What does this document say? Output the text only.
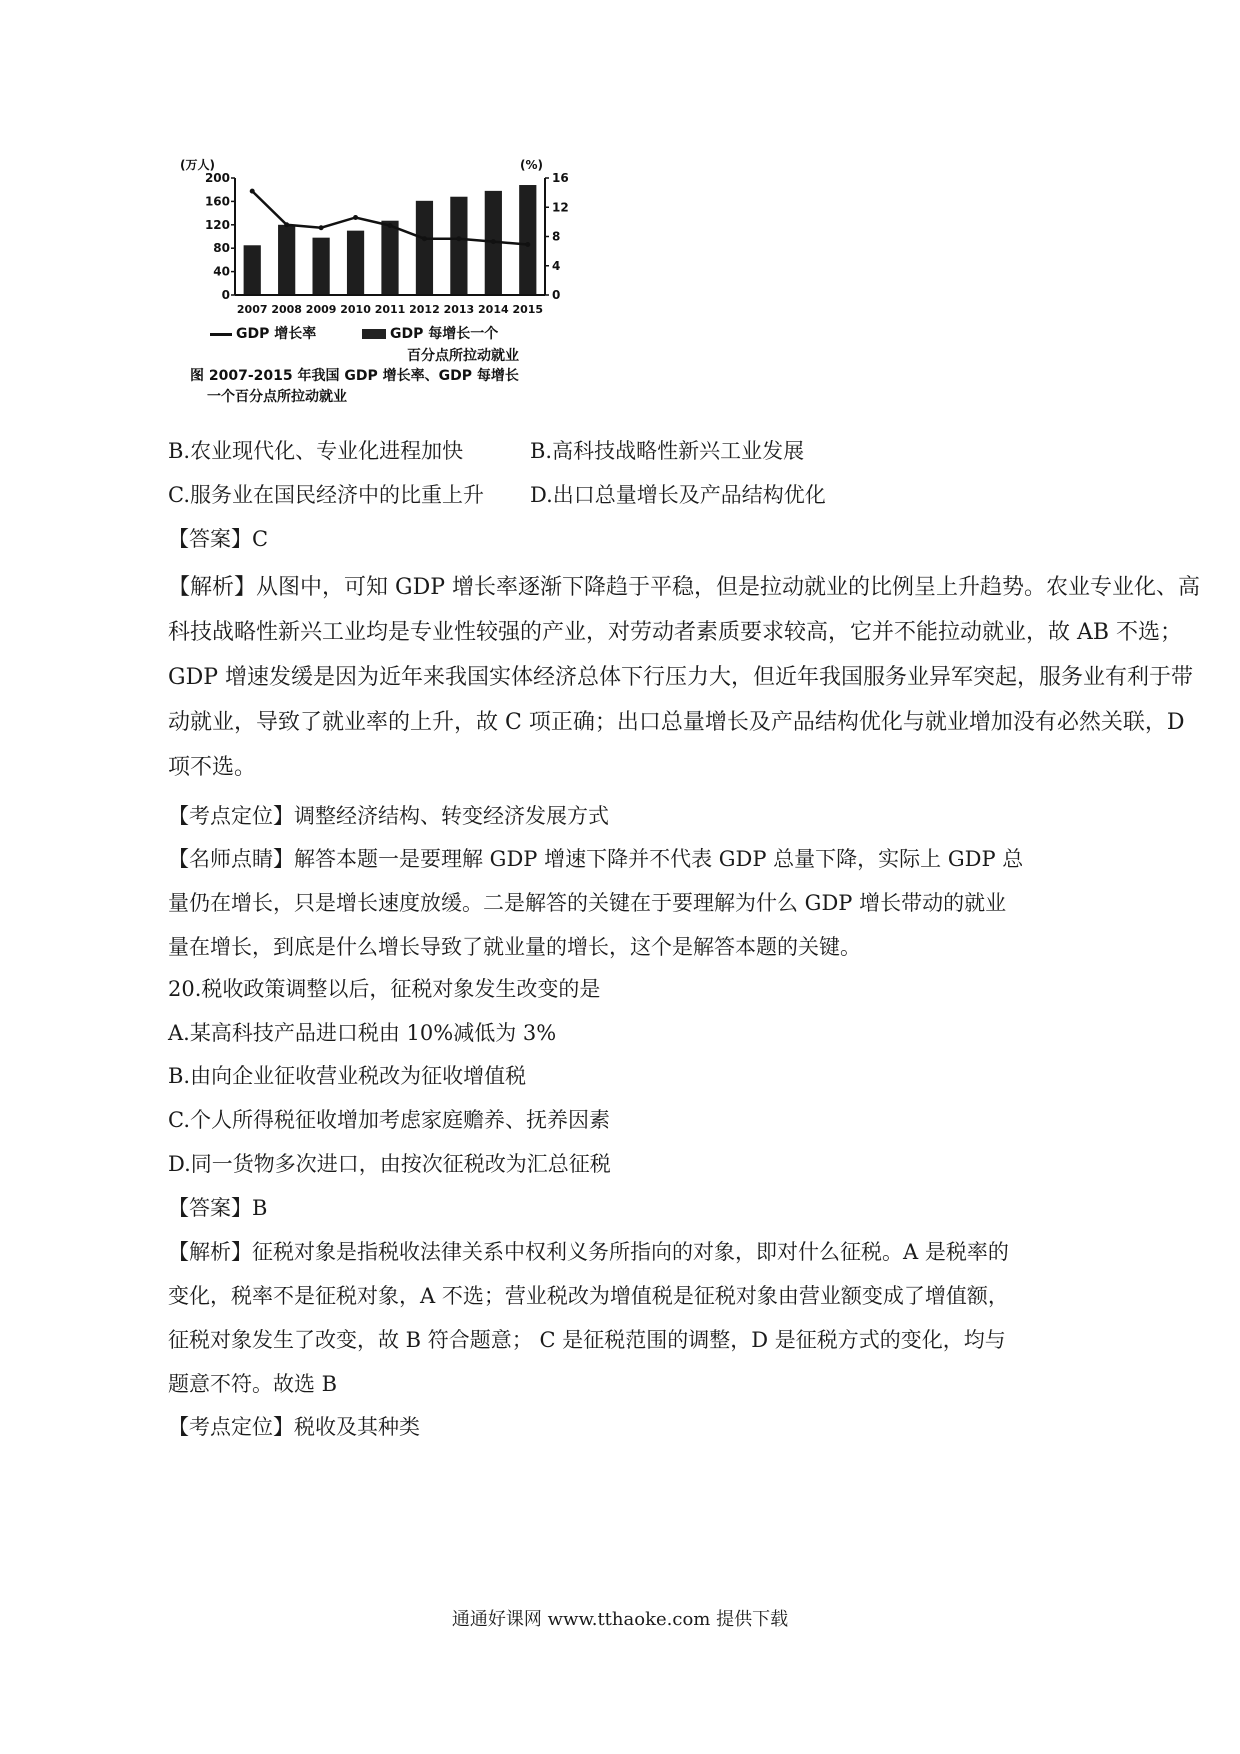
0
40
80
120
160
200
0
4
8
12
16
2007 2008 2009 2010 2011 2012 2013 2014 2015
(万人)	(%)
GDP 增长率	GDP 每增长一个
百分点所拉动就业
图 2007-2015 年我国 GDP 增长率、GDP 每增长
一个百分点所拉动就业
B.农业现代化、专业化进程加快	B.高科技战略性新兴工业发展
C.服务业在国民经济中的比重上升 D.出口总量增长及产品结构优化
【答案】C
【解析】从图中，可知 GDP 增长率逐渐下降趋于平稳，但是拉动就业的比例呈上升趋势。农业专业化、高
科技战略性新兴工业均是专业性较强的产业，对劳动者素质要求较高，它并不能拉动就业，故 AB 不选；
GDP 增速发缓是因为近年来我国实体经济总体下行压力大，但近年我国服务业异军突起，服务业有利于带
动就业，导致了就业率的上升，故 C 项正确；出口总量增长及产品结构优化与就业增加没有必然关联，D
项不选。
【考点定位】调整经济结构、转变经济发展方式
【名师点睛】解答本题一是要理解 GDP 增速下降并不代表 GDP 总量下降，实际上 GDP 总
量仍在增长，只是增长速度放缓。二是解答的关键在于要理解为什么 GDP 增长带动的就业
量在增长，到底是什么增长导致了就业量的增长，这个是解答本题的关键。
20.税收政策调整以后，征税对象发生改变的是
A.某高科技产品进口税由 10%减低为 3%
B.由向企业征收营业税改为征收增值税
C.个人所得税征收增加考虑家庭赡养、抚养因素
D.同一货物多次进口，由按次征税改为汇总征税
【答案】B
【解析】征税对象是指税收法律关系中权利义务所指向的对象，即对什么征税。A 是税率的
变化，税率不是征税对象，A 不选；营业税改为增值税是征税对象由营业额变成了增值额，
征税对象发生了改变，故 B 符合题意； C 是征税范围的调整，D 是征税方式的变化，均与
题意不符。故选 B
【考点定位】税收及其种类
通通好课网 www.tthaoke.com 提供下载
